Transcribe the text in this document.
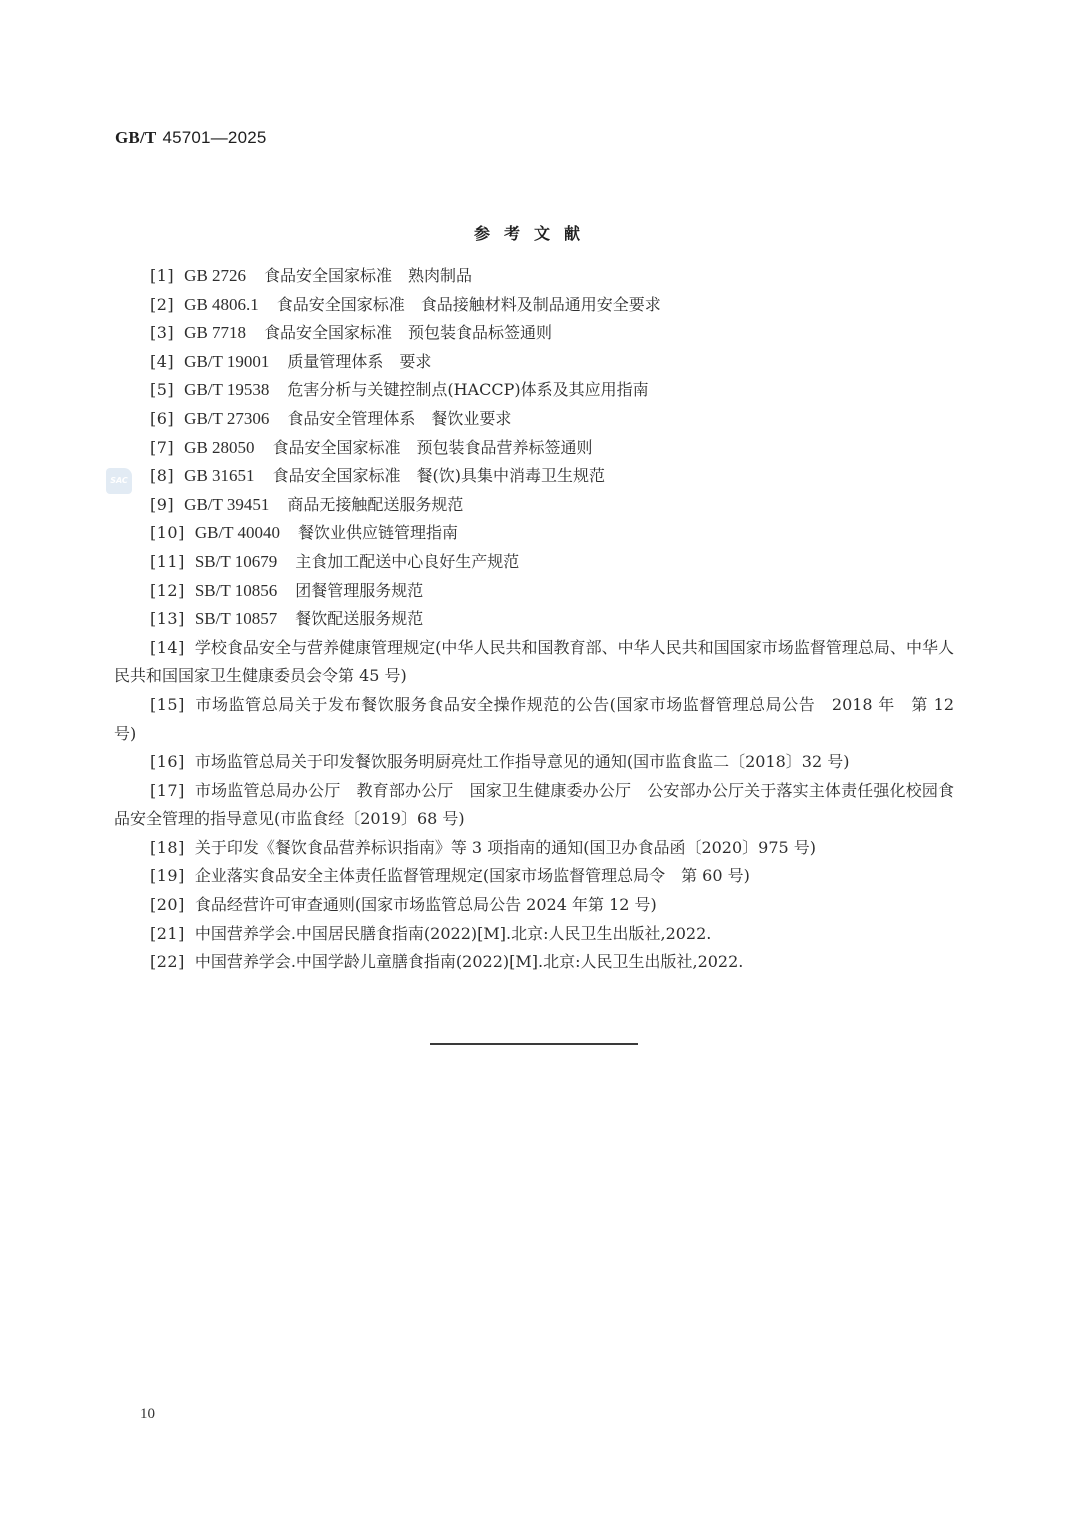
GB/T 45701—2025
参考文献
SAC

[1] GB 2726 食品安全国家标准　熟肉制品

[2] GB 4806.1 食品安全国家标准　食品接触材料及制品通用安全要求

[3] GB 7718 食品安全国家标准　预包装食品标签通则

[4] GB/T 19001 质量管理体系　要求

[5] GB/T 19538 危害分析与关键控制点(HACCP)体系及其应用指南

[6] GB/T 27306 食品安全管理体系　餐饮业要求

[7] GB 28050 食品安全国家标准　预包装食品营养标签通则

[8] GB 31651 食品安全国家标准　餐(饮)具集中消毒卫生规范

[9] GB/T 39451 商品无接触配送服务规范

[10] GB/T 40040 餐饮业供应链管理指南

[11] SB/T 10679 主食加工配送中心良好生产规范

[12] SB/T 10856 团餐管理服务规范

[13] SB/T 10857 餐饮配送服务规范

[14] 学校食品安全与营养健康管理规定(中华人民共和国教育部、中华人民共和国国家市场监督管理总局、中华人民共和国国家卫生健康委员会令第 45 号)

[15] 市场监管总局关于发布餐饮服务食品安全操作规范的公告(国家市场监督管理总局公告　2018 年　第 12 号)

[16] 市场监管总局关于印发餐饮服务明厨亮灶工作指导意见的通知(国市监食监二〔2018〕32 号)

[17] 市场监管总局办公厅　教育部办公厅　国家卫生健康委办公厅　公安部办公厅关于落实主体责任强化校园食品安全管理的指导意见(市监食经〔2019〕68 号)

[18] 关于印发《餐饮食品营养标识指南》等 3 项指南的通知(国卫办食品函〔2020〕975 号)

[19] 企业落实食品安全主体责任监督管理规定(国家市场监督管理总局令　第 60 号)

[20] 食品经营许可审查通则(国家市场监管总局公告 2024 年第 12 号)

[21] 中国营养学会.中国居民膳食指南(2022)[M].北京:人民卫生出版社,2022.

[22] 中国营养学会.中国学龄儿童膳食指南(2022)[M].北京:人民卫生出版社,2022.

10
